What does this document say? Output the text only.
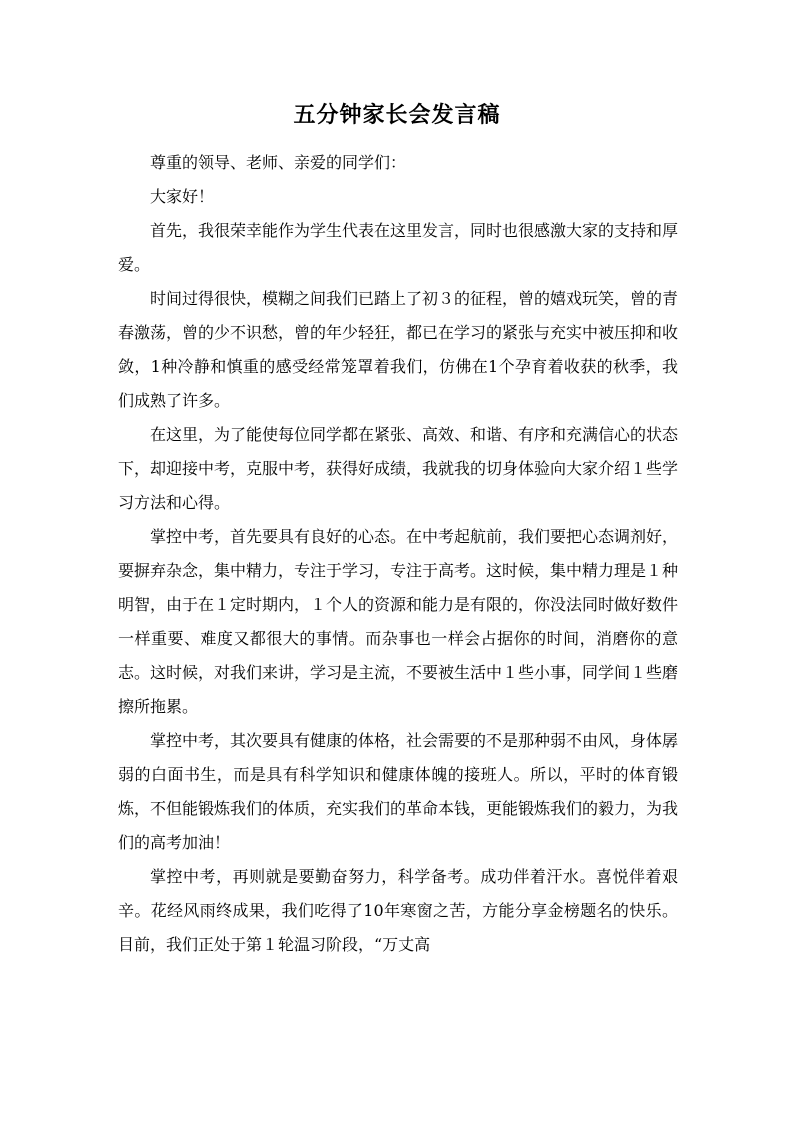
五分钟家长会发言稿

尊重的领导、老师、亲爱的同学们：

大家好！

首先，我很荣幸能作为学生代表在这里发言，同时也很感激大家的支持和厚爱。

时间过得很快，模糊之间我们已踏上了初３的征程，曾的嬉戏玩笑，曾的青春激荡，曾的少不识愁，曾的年少轻狂，都已在学习的紧张与充实中被压抑和收敛，1种冷静和慎重的感受经常笼罩着我们，仿佛在1个孕育着收获的秋季，我们成熟了许多。

在这里，为了能使每位同学都在紧张、高效、和谐、有序和充满信心的状态下，却迎接中考，克服中考，获得好成绩，我就我的切身体验向大家介绍１些学习方法和心得。

掌控中考，首先要具有良好的心态。在中考起航前，我们要把心态调剂好，要摒弃杂念，集中精力，专注于学习，专注于高考。这时候，集中精力理是１种明智，由于在１定时期内，１个人的资源和能力是有限的，你没法同时做好数件一样重要、难度又都很大的事情。而杂事也一样会占据你的时间，消磨你的意志。这时候，对我们来讲，学习是主流，不要被生活中１些小事，同学间１些磨擦所拖累。

掌控中考，其次要具有健康的体格，社会需要的不是那种弱不由风，身体孱弱的白面书生，而是具有科学知识和健康体魄的接班人。所以，平时的体育锻炼，不但能锻炼我们的体质，充实我们的革命本钱，更能锻炼我们的毅力，为我们的高考加油！

掌控中考，再则就是要勤奋努力，科学备考。成功伴着汗水。喜悦伴着艰辛。花经风雨终成果，我们吃得了10年寒窗之苦，方能分享金榜题名的快乐。目前，我们正处于第１轮温习阶段，“万丈高
